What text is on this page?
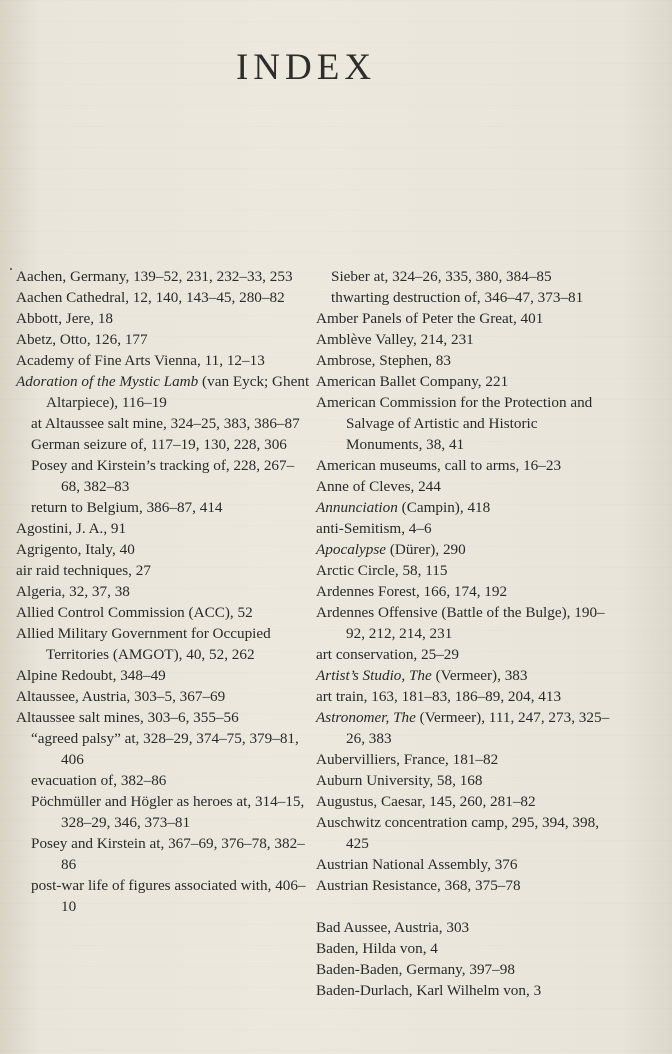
INDEX

Aachen, Germany, 139–52, 231, 232–33, 253

Aachen Cathedral, 12, 140, 143–45, 280–82

Abbott, Jere, 18

Abetz, Otto, 126, 177

Academy of Fine Arts Vienna, 11, 12–13

Adoration of the Mystic Lamb (van Eyck; Ghent Altarpiece), 116–19

at Altaussee salt mine, 324–25, 383, 386–87

German seizure of, 117–19, 130, 228, 306

Posey and Kirstein’s tracking of, 228, 267–68, 382–83

return to Belgium, 386–87, 414

Agostini, J. A., 91

Agrigento, Italy, 40

air raid techniques, 27

Algeria, 32, 37, 38

Allied Control Commission (ACC), 52

Allied Military Government for Occupied Territories (AMGOT), 40, 52, 262

Alpine Redoubt, 348–49

Altaussee, Austria, 303–5, 367–69

Altaussee salt mines, 303–6, 355–56

“agreed palsy” at, 328–29, 374–75, 379–81, 406

evacuation of, 382–86

Pöchmüller and Högler as heroes at, 314–15, 328–29, 346, 373–81

Posey and Kirstein at, 367–69, 376–78, 382–86

post-war life of figures associated with, 406–10

Sieber at, 324–26, 335, 380, 384–85

thwarting destruction of, 346–47, 373–81

Amber Panels of Peter the Great, 401

Amblève Valley, 214, 231

Ambrose, Stephen, 83

American Ballet Company, 221

American Commission for the Protection and Salvage of Artistic and Historic Monuments, 38, 41

American museums, call to arms, 16–23

Anne of Cleves, 244

Annunciation (Campin), 418

anti-Semitism, 4–6

Apocalypse (Dürer), 290

Arctic Circle, 58, 115

Ardennes Forest, 166, 174, 192

Ardennes Offensive (Battle of the Bulge), 190–92, 212, 214, 231

art conservation, 25–29

Artist’s Studio, The (Vermeer), 383

art train, 163, 181–83, 186–89, 204, 413

Astronomer, The (Vermeer), 111, 247, 273, 325–26, 383

Aubervilliers, France, 181–82

Auburn University, 58, 168

Augustus, Caesar, 145, 260, 281–82

Auschwitz concentration camp, 295, 394, 398, 425

Austrian National Assembly, 376

Austrian Resistance, 368, 375–78

Bad Aussee, Austria, 303

Baden, Hilda von, 4

Baden-Baden, Germany, 397–98

Baden-Durlach, Karl Wilhelm von, 3
